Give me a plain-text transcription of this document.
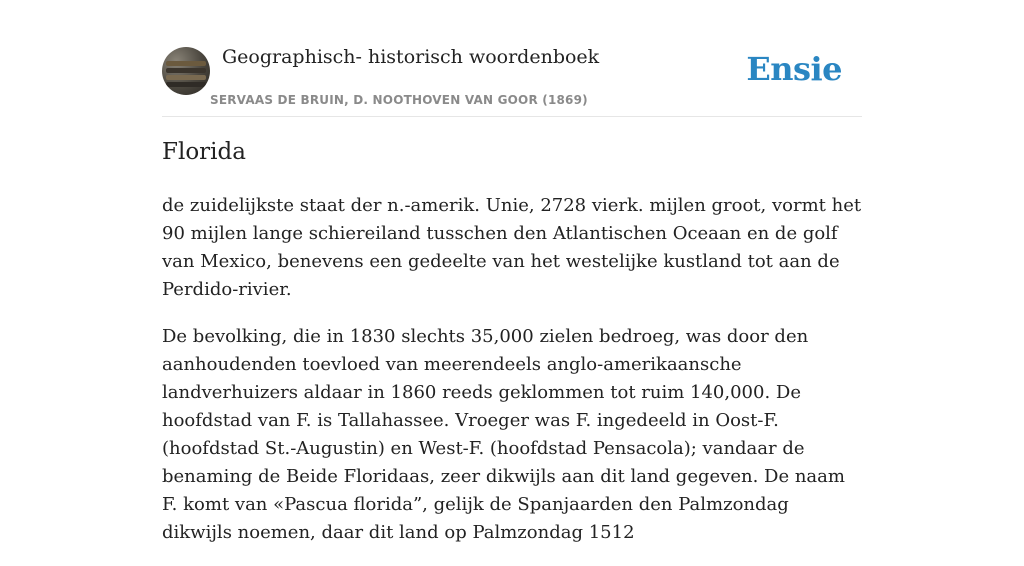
Geographisch- historisch woordenboek
SERVAAS DE BRUIN, D. NOOTHOVEN VAN GOOR (1869)
Ensie
Florida

de zuidelijkste staat der n.-amerik. Unie, 2728 vierk. mijlen groot, vormt het 90 mijlen lange schiereiland tusschen den Atlantischen Oceaan en de golf van Mexico, benevens een gedeelte van het westelijke kustland tot aan de Perdido-rivier.

De bevolking, die in 1830 slechts 35,000 zielen bedroeg, was door den aanhoudenden toevloed van meerendeels anglo-amerikaansche landverhuizers aldaar in 1860 reeds geklommen tot ruim 140,000. De hoofdstad van F. is Tallahassee. Vroeger was F. ingedeeld in Oost-F. (hoofdstad St.-Augustin) en West-F. (hoofdstad Pensacola); vandaar de benaming de Beide Floridaas, zeer dikwijls aan dit land gegeven. De naam F. komt van «Pascua florida”, gelijk de Spanjaarden den Palmzondag dikwijls noemen, daar dit land op Palmzondag 1512
